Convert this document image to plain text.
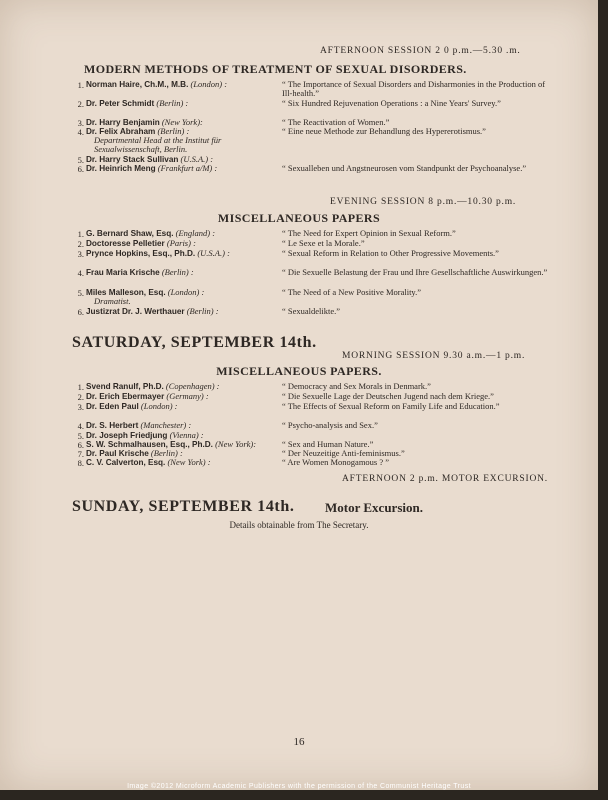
AFTERNOON SESSION 2 0 p.m.—5.30 .m.
MODERN METHODS OF TREATMENT OF SEXUAL DISORDERS.
1. Norman Haire, Ch.M., M.B. (London) :	“ The Importance of Sexual Disorders and Disharmonies in the Production of Ill-health.”
2. Dr. Peter Schmidt (Berlin) :	“ Six Hundred Rejuvenation Operations : a Nine Years' Survey.”
3. Dr. Harry Benjamin (New York):	“ The Reactivation of Women.”
4. Dr. Felix Abraham (Berlin) :
Departmental Head at the Institut für Sexualwissenschaft, Berlin.
“ Eine neue Methode zur Behandlung des Hypererotismus.”
5. Dr. Harry Stack Sullivan (U.S.A.) :
6. Dr. Heinrich Meng (Frankfurt a/M) :	“ Sexualleben und Angstneurosen vom Standpunkt der Psychoanalyse.”
EVENING SESSION 8 p.m.—10.30 p.m.
MISCELLANEOUS PAPERS
1. G. Bernard Shaw, Esq. (England) :	“ The Need for Expert Opinion in Sexual Reform.”
2. Doctoresse Pelletier (Paris) :	“ Le Sexe et la Morale.”
3. Prynce Hopkins, Esq., Ph.D. (U.S.A.) :	“ Sexual Reform in Relation to Other Progressive Movements.”
4. Frau Maria Krische (Berlin) :	“ Die Sexuelle Belastung der Frau und Ihre Gesellschaftliche Auswirkungen.”
5. Miles Malleson, Esq. (London) :
Dramatist.
“ The Need of a New Positive Morality.”
6. Justizrat Dr. J. Werthauer (Berlin) :	“ Sexualdelikte.”
SATURDAY, SEPTEMBER 14th.
MORNING SESSION 9.30 a.m.—1 p.m.
MISCELLANEOUS PAPERS.
1. Svend Ranulf, Ph.D. (Copenhagen) :	“ Democracy and Sex Morals in Denmark.”
2. Dr. Erich Ebermayer (Germany) :	“ Die Sexuelle Lage der Deutschen Jugend nach dem Kriege.”
3. Dr. Eden Paul (London) :	“ The Effects of Sexual Reform on Family Life and Education.”
4. Dr. S. Herbert (Manchester) :	“ Psycho-analysis and Sex.”
5. Dr. Joseph Friedjung (Vienna) :
6. S. W. Schmalhausen, Esq., Ph.D. (New York):	“ Sex and Human Nature.”
7. Dr. Paul Krische (Berlin) :	“ Der Neuzeitige Anti-feminismus.”
8. C. V. Calverton, Esq. (New York) :	“ Are Women Monogamous ? ”
AFTERNOON 2 p.m. MOTOR EXCURSION.
SUNDAY, SEPTEMBER 14th. Motor Excursion.
Details obtainable from The Secretary.
16
Image ©2012 Microform Academic Publishers with the permission of the Communist Heritage Trust
